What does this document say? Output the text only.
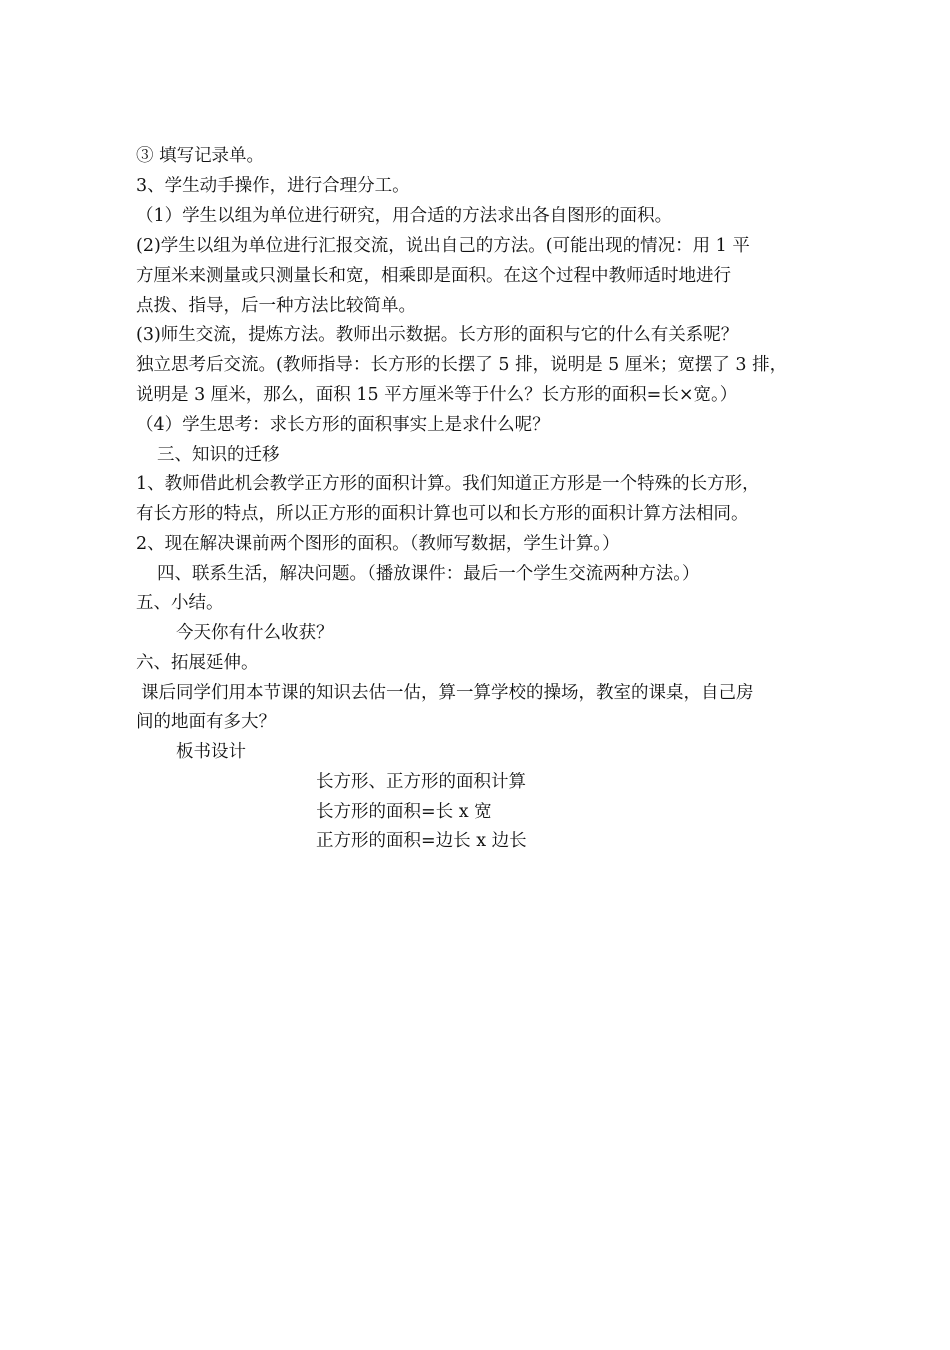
③ 填写记录单。
3、学生动手操作，进行合理分工。
（1）学生以组为单位进行研究，用合适的方法求出各自图形的面积。
(2)学生以组为单位进行汇报交流，说出自己的方法。(可能出现的情况：用 1 平
方厘米来测量或只测量长和宽，相乘即是面积。在这个过程中教师适时地进行
点拨、指导，后一种方法比较简单。
(3)师生交流，提炼方法。教师出示数据。长方形的面积与它的什么有关系呢？
独立思考后交流。(教师指导：长方形的长摆了 5 排，说明是 5 厘米；宽摆了 3 排，
说明是 3 厘米，那么，面积 15 平方厘米等于什么？长方形的面积=长×宽。）
（4）学生思考：求长方形的面积事实上是求什么呢？
三、知识的迁移
1、教师借此机会教学正方形的面积计算。我们知道正方形是一个特殊的长方形，
有长方形的特点，所以正方形的面积计算也可以和长方形的面积计算方法相同。
2、现在解决课前两个图形的面积。（教师写数据，学生计算。）
四、联系生活，解决问题。（播放课件：最后一个学生交流两种方法。）
五、小结。
今天你有什么收获？
六、拓展延伸。
课后同学们用本节课的知识去估一估，算一算学校的操场，教室的课桌，自己房
间的地面有多大？
板书设计
长方形、正方形的面积计算
长方形的面积=长 x 宽
正方形的面积=边长 x 边长
